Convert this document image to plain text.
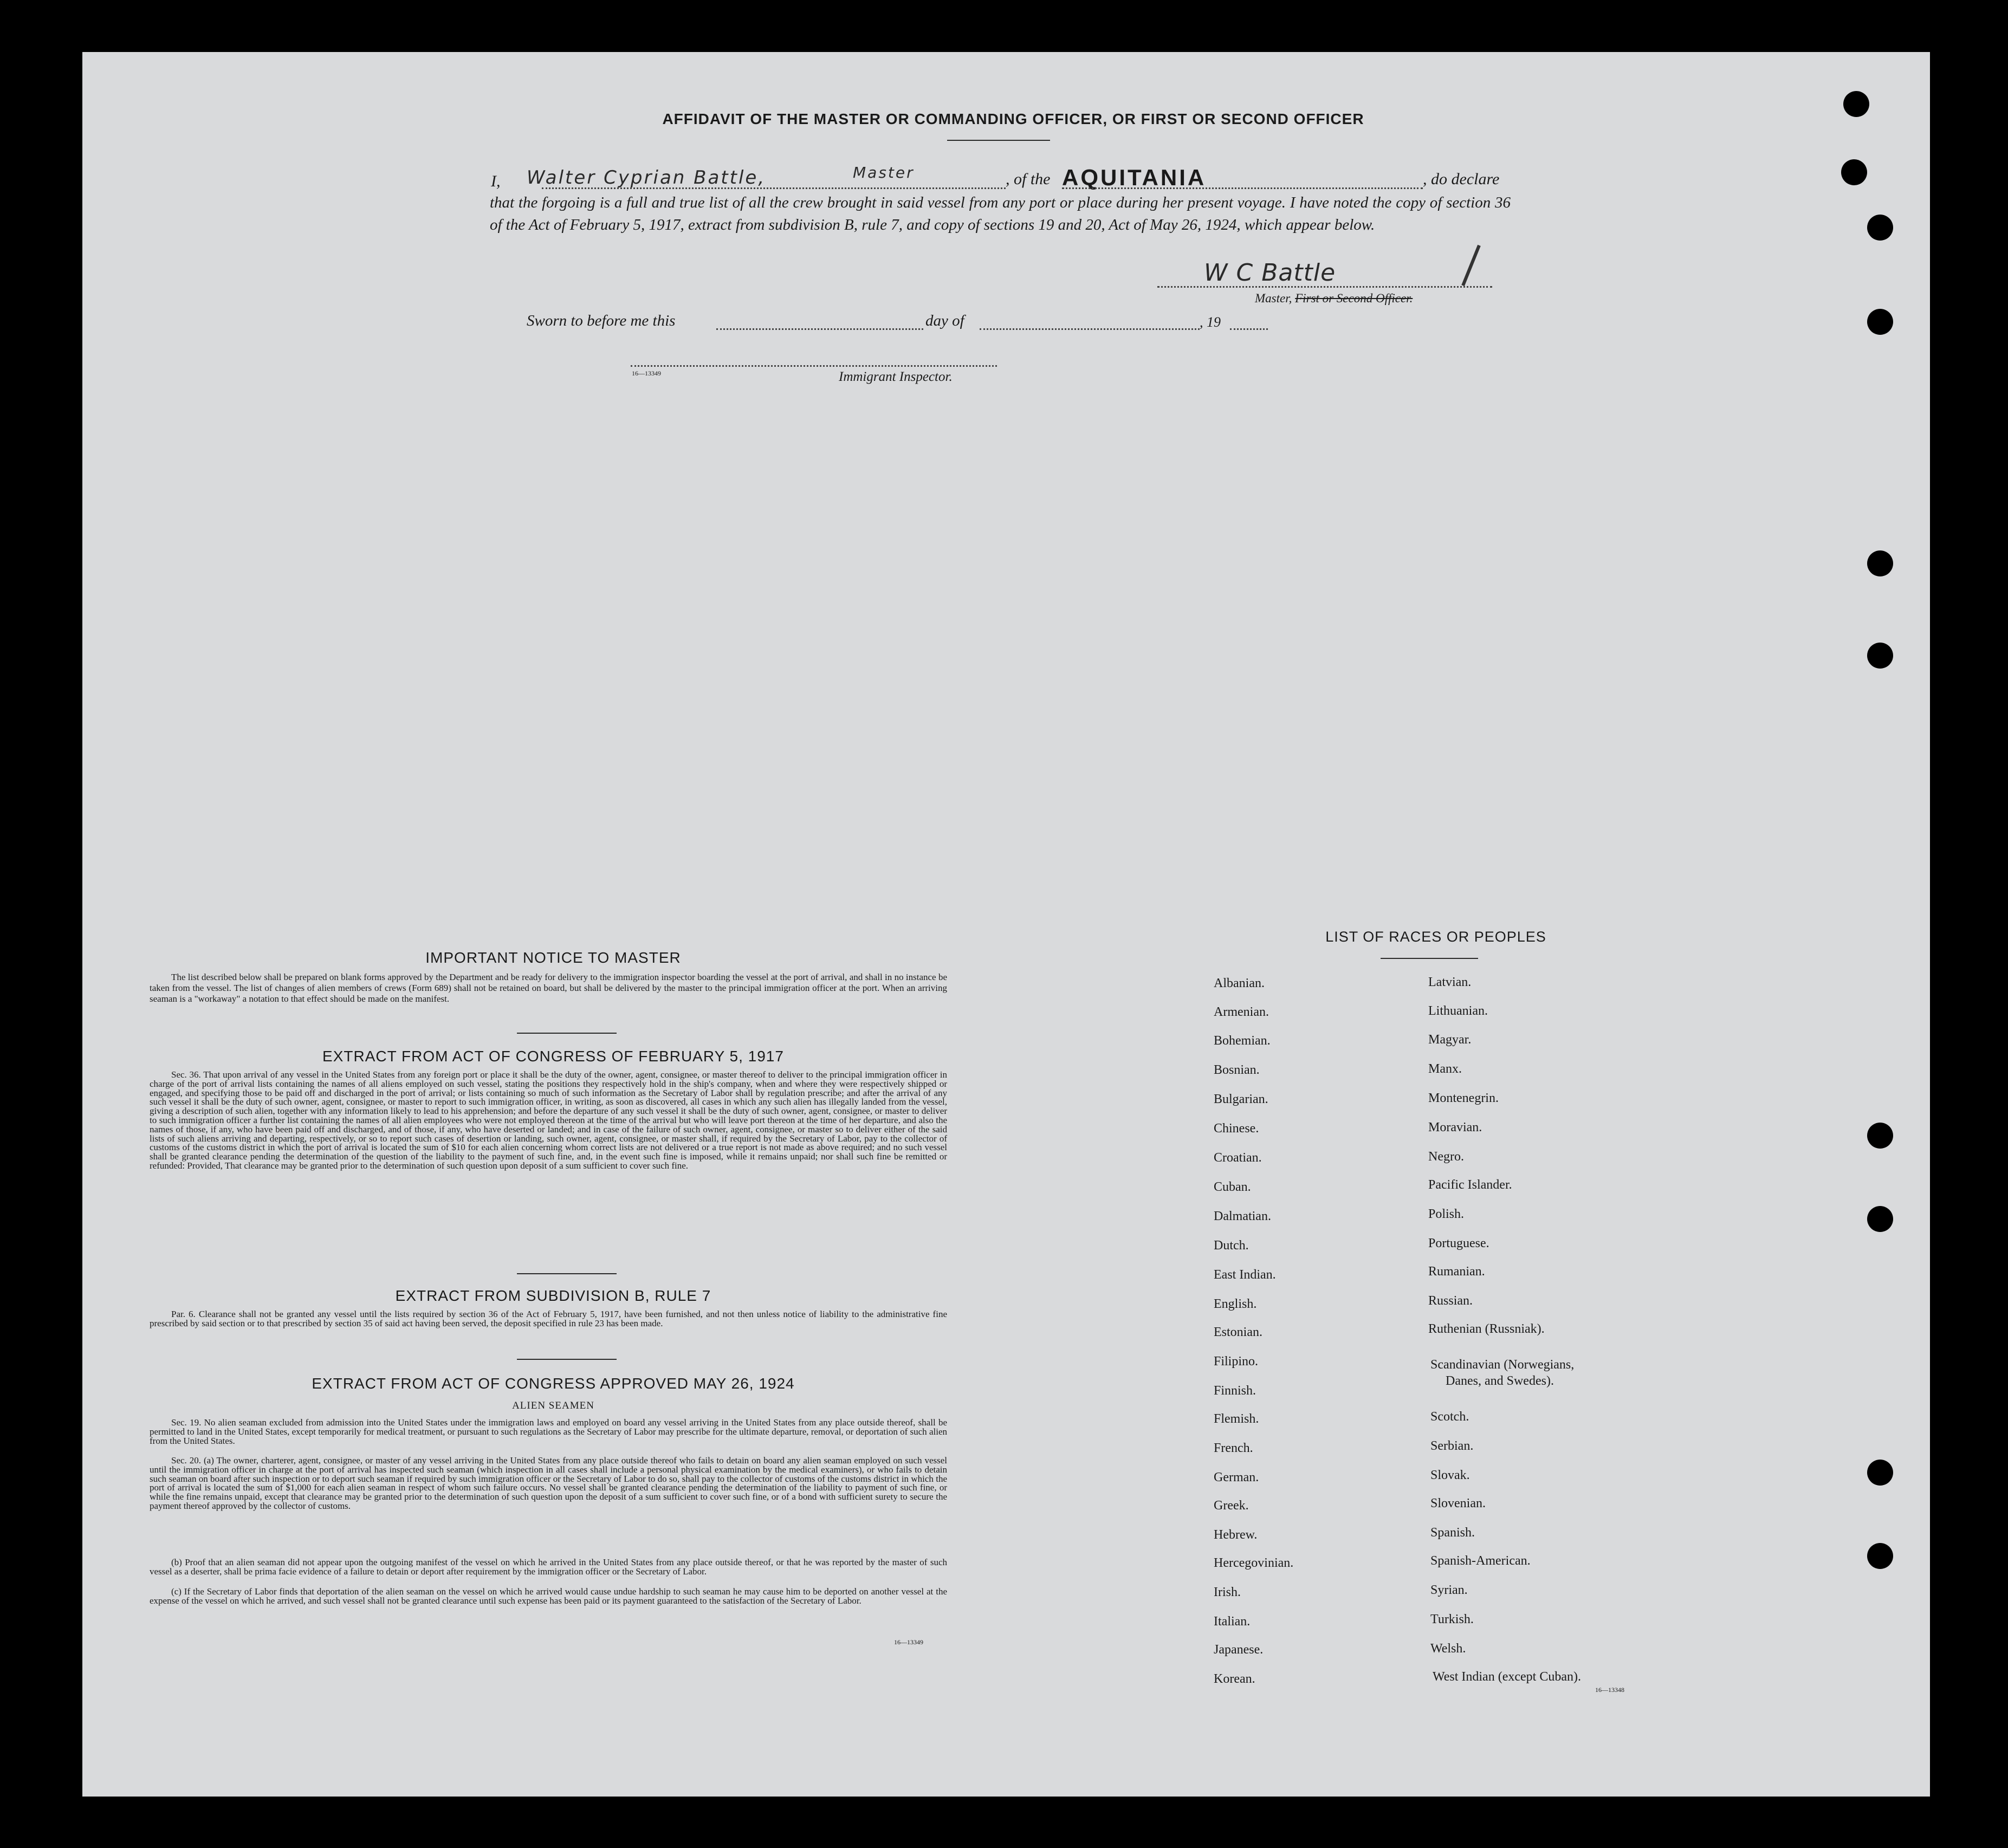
AFFIDAVIT OF THE MASTER OR COMMANDING OFFICER, OR FIRST OR SECOND OFFICER
I, Walter Cyprian Battle,	Master	, of the AQUITANIA	, do declare
that the forgoing is a full and true list of all the crew brought in said vessel from any port or place during her present voyage. I have noted the copy of section 36 of the Act of February 5, 1917, extract from subdivision B, rule 7, and copy of sections 19 and 20, Act of May 26, 1924, which appear below.
W C Battle
Master, First or Second Officer.
Sworn to before me this	day of	, 19
16—13349	Immigrant Inspector.
IMPORTANT NOTICE TO MASTER
The list described below shall be prepared on blank forms approved by the Department and be ready for delivery to the immigration inspector boarding the vessel at the port of arrival, and shall in no instance be taken from the vessel. The list of changes of alien members of crews (Form 689) shall not be retained on board, but shall be delivered by the master to the principal immigration officer at the port. When an arriving seaman is a "workaway" a notation to that effect should be made on the manifest.
EXTRACT FROM ACT OF CONGRESS OF FEBRUARY 5, 1917
Sec. 36. That upon arrival of any vessel in the United States from any foreign port or place it shall be the duty of the owner, agent, consignee, or master thereof to deliver to the principal immigration officer in charge of the port of arrival lists containing the names of all aliens employed on such vessel, stating the positions they respectively hold in the ship's company, when and where they were respectively shipped or engaged, and specifying those to be paid off and discharged in the port of arrival; or lists containing so much of such information as the Secretary of Labor shall by regulation prescribe; and after the arrival of any such vessel it shall be the duty of such owner, agent, consignee, or master to report to such immigration officer, in writing, as soon as discovered, all cases in which any such alien has illegally landed from the vessel, giving a description of such alien, together with any information likely to lead to his apprehension; and before the departure of any such vessel it shall be the duty of such owner, agent, consignee, or master to deliver to such immigration officer a further list containing the names of all alien employees who were not employed thereon at the time of the arrival but who will leave port thereon at the time of her departure, and also the names of those, if any, who have been paid off and discharged, and of those, if any, who have deserted or landed; and in case of the failure of such owner, agent, consignee, or master so to deliver either of the said lists of such aliens arriving and departing, respectively, or so to report such cases of desertion or landing, such owner, agent, consignee, or master shall, if required by the Secretary of Labor, pay to the collector of customs of the customs district in which the port of arrival is located the sum of $10 for each alien concerning whom correct lists are not delivered or a true report is not made as above required; and no such vessel shall be granted clearance pending the determination of the question of the liability to the payment of such fine, and, in the event such fine is imposed, while it remains unpaid; nor shall such fine be remitted or refunded: Provided, That clearance may be granted prior to the determination of such question upon deposit of a sum sufficient to cover such fine.
EXTRACT FROM SUBDIVISION B, RULE 7
Par. 6. Clearance shall not be granted any vessel until the lists required by section 36 of the Act of February 5, 1917, have been furnished, and not then unless notice of liability to the administrative fine prescribed by said section or to that prescribed by section 35 of said act having been served, the deposit specified in rule 23 has been made.
EXTRACT FROM ACT OF CONGRESS APPROVED MAY 26, 1924
ALIEN SEAMEN
Sec. 19. No alien seaman excluded from admission into the United States under the immigration laws and employed on board any vessel arriving in the United States from any place outside thereof, shall be permitted to land in the United States, except temporarily for medical treatment, or pursuant to such regulations as the Secretary of Labor may prescribe for the ultimate departure, removal, or deportation of such alien from the United States.
Sec. 20. (a) The owner, charterer, agent, consignee, or master of any vessel arriving in the United States from any place outside thereof who fails to detain on board any alien seaman employed on such vessel until the immigration officer in charge at the port of arrival has inspected such seaman (which inspection in all cases shall include a personal physical examination by the medical examiners), or who fails to detain such seaman on board after such inspection or to deport such seaman if required by such immigration officer or the Secretary of Labor to do so, shall pay to the collector of customs of the customs district in which the port of arrival is located the sum of $1,000 for each alien seaman in respect of whom such failure occurs. No vessel shall be granted clearance pending the determination of the liability to payment of such fine, or while the fine remains unpaid, except that clearance may be granted prior to the determination of such question upon the deposit of a sum sufficient to cover such fine, or of a bond with sufficient surety to secure the payment thereof approved by the collector of customs.
(b) Proof that an alien seaman did not appear upon the outgoing manifest of the vessel on which he arrived in the United States from any place outside thereof, or that he was reported by the master of such vessel as a deserter, shall be prima facie evidence of a failure to detain or deport after requirement by the immigration officer or the Secretary of Labor.
(c) If the Secretary of Labor finds that deportation of the alien seaman on the vessel on which he arrived would cause undue hardship to such seaman he may cause him to be deported on another vessel at the expense of the vessel on which he arrived, and such vessel shall not be granted clearance until such expense has been paid or its payment guaranteed to the satisfaction of the Secretary of Labor.
16—13349
LIST OF RACES OR PEOPLES
Albanian.
Armenian.
Bohemian.
Bosnian.
Bulgarian.
Chinese.
Croatian.
Cuban.
Dalmatian.
Dutch.
East Indian.
English.
Estonian.
Filipino.
Finnish.
Flemish.
French.
German.
Greek.
Hebrew.
Hercegovinian.
Irish.
Italian.
Japanese.
Korean.
Latvian.
Lithuanian.
Magyar.
Manx.
Montenegrin.
Moravian.
Negro.
Pacific Islander.
Polish.
Portuguese.
Rumanian.
Russian.
Ruthenian (Russniak).
Scandinavian (Norwegians,
Danes, and Swedes).
Scotch.
Serbian.
Slovak.
Slovenian.
Spanish.
Spanish-American.
Syrian.
Turkish.
Welsh.
West Indian (except Cuban).
16—13348
